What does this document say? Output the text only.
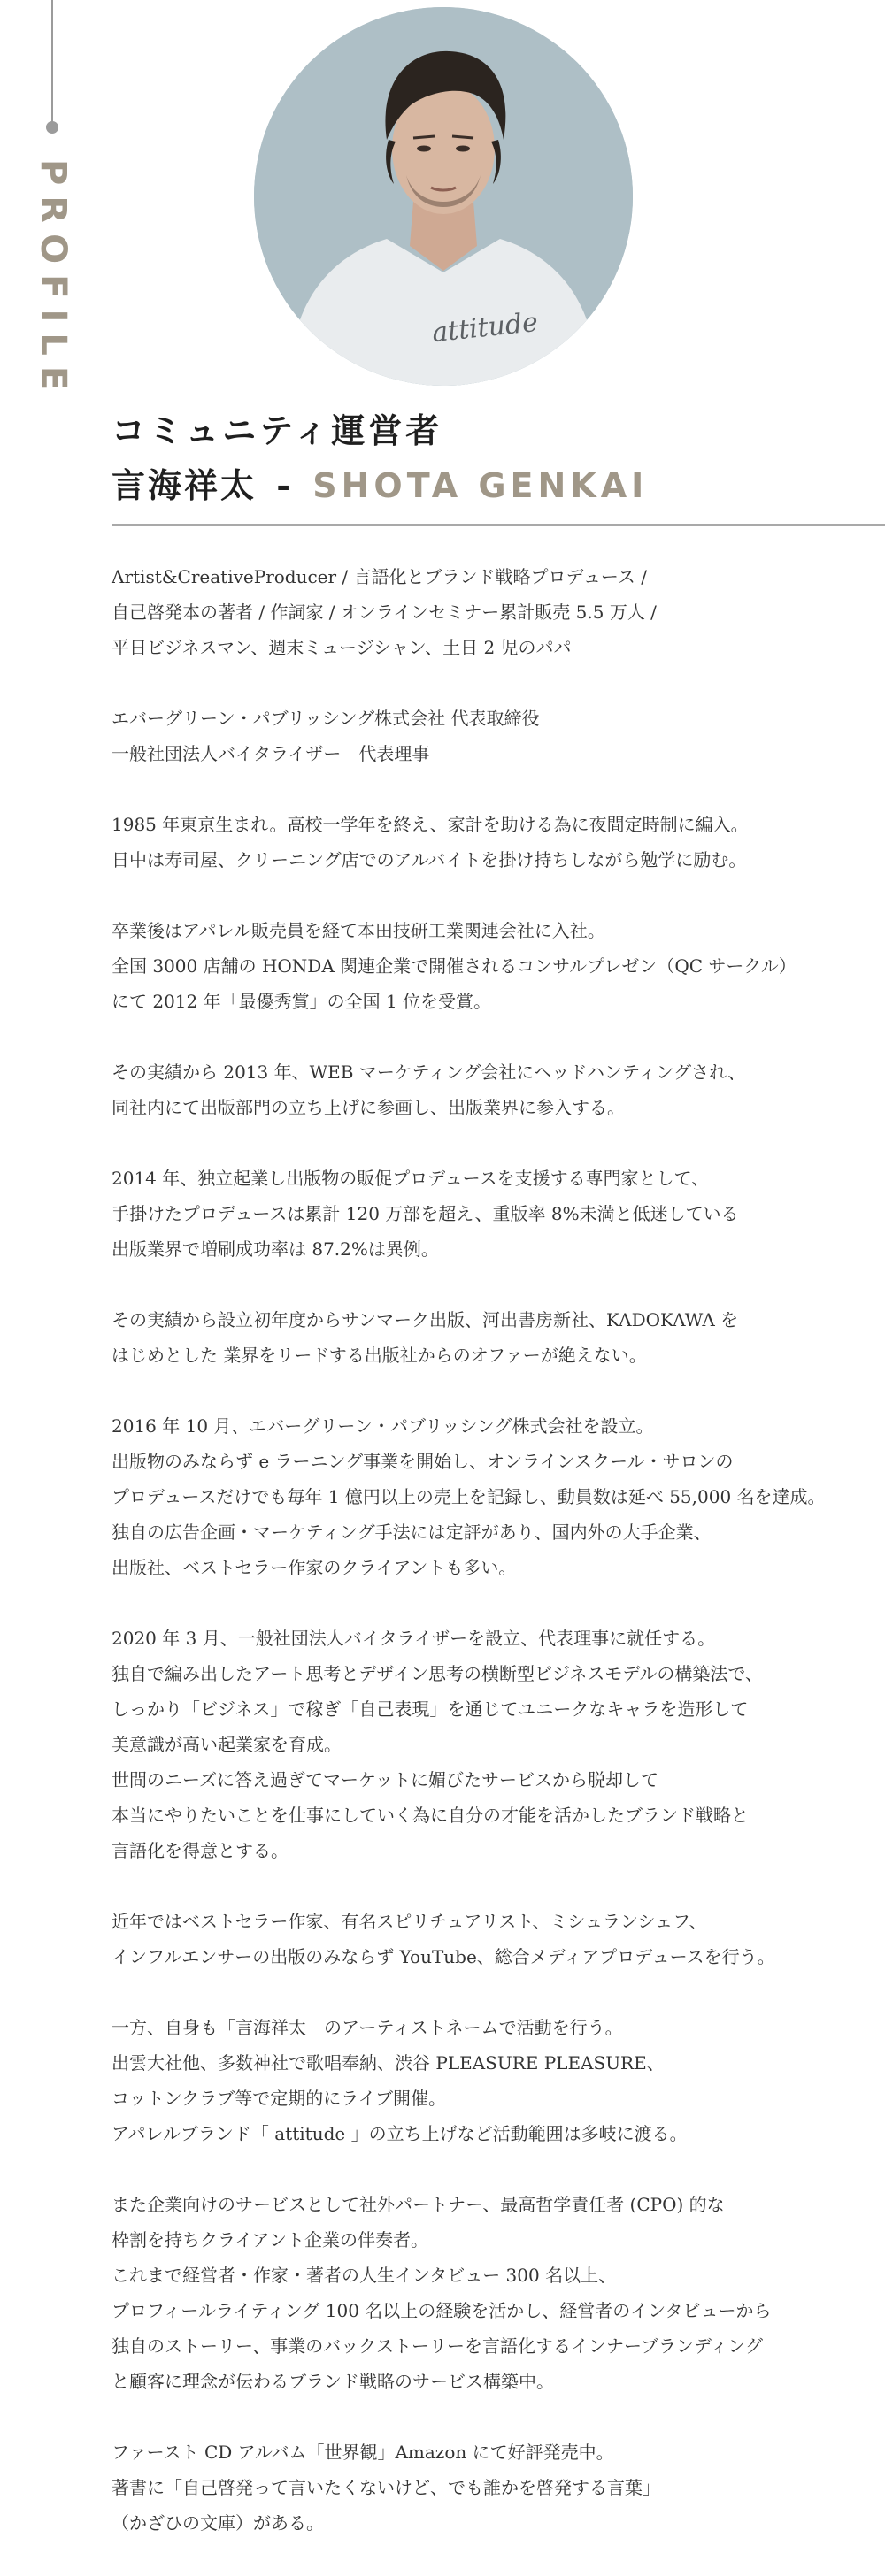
PROFILE	attitude
コミュニティ運営者
言海祥太 - SHOTA GENKAI

Artist&CreativeProducer / 言語化とブランド戦略プロデュース /
自己啓発本の著者 / 作詞家 / オンラインセミナー累計販売 5.5 万人 /
平日ビジネスマン、週末ミュージシャン、土日 2 児のパパ

エバーグリーン・パブリッシング株式会社 代表取締役
一般社団法人バイタライザー　代表理事

1985 年東京生まれ。高校一学年を終え、家計を助ける為に夜間定時制に編入。
日中は寿司屋、クリーニング店でのアルバイトを掛け持ちしながら勉学に励む。

卒業後はアパレル販売員を経て本田技研工業関連会社に入社。
全国 3000 店舗の HONDA 関連企業で開催されるコンサルプレゼン（QC サークル）
にて 2012 年「最優秀賞」の全国 1 位を受賞。

その実績から 2013 年、WEB マーケティング会社にヘッドハンティングされ、
同社内にて出版部門の立ち上げに参画し、出版業界に参入する。

2014 年、独立起業し出版物の販促プロデュースを支援する専門家として、
手掛けたプロデュースは累計 120 万部を超え、重版率 8%未満と低迷している
出版業界で増刷成功率は 87.2%は異例。

その実績から設立初年度からサンマーク出版、河出書房新社、KADOKAWA を
はじめとした 業界をリードする出版社からのオファーが絶えない。

2016 年 10 月、エバーグリーン・パブリッシング株式会社を設立。
出版物のみならず e ラーニング事業を開始し、オンラインスクール・サロンの
プロデュースだけでも毎年 1 億円以上の売上を記録し、動員数は延べ 55,000 名を達成。
独自の広告企画・マーケティング手法には定評があり、国内外の大手企業、
出版社、ベストセラー作家のクライアントも多い。

2020 年 3 月、一般社団法人バイタライザーを設立、代表理事に就任する。
独自で編み出したアート思考とデザイン思考の横断型ビジネスモデルの構築法で、
しっかり「ビジネス」で稼ぎ「自己表現」を通じてユニークなキャラを造形して
美意識が高い起業家を育成。
世間のニーズに答え過ぎてマーケットに媚びたサービスから脱却して
本当にやりたいことを仕事にしていく為に自分の才能を活かしたブランド戦略と
言語化を得意とする。

近年ではベストセラー作家、有名スピリチュアリスト、ミシュランシェフ、
インフルエンサーの出版のみならず YouTube、総合メディアプロデュースを行う。

一方、自身も「言海祥太」のアーティストネームで活動を行う。
出雲大社他、多数神社で歌唱奉納、渋谷 PLEASURE PLEASURE、
コットンクラブ等で定期的にライブ開催。
アパレルブランド「 attitude 」の立ち上げなど活動範囲は多岐に渡る。

また企業向けのサービスとして社外パートナー、最高哲学責任者 (CPO) 的な
枠割を持ちクライアント企業の伴奏者。
これまで経営者・作家・著者の人生インタビュー 300 名以上、
プロフィールライティング 100 名以上の経験を活かし、経営者のインタビューから
独自のストーリー、事業のバックストーリーを言語化するインナーブランディング
と顧客に理念が伝わるブランド戦略のサービス構築中。

ファースト CD アルバム「世界観」Amazon にて好評発売中。
著書に「自己啓発って言いたくないけど、でも誰かを啓発する言葉」
（かざひの文庫）がある。
